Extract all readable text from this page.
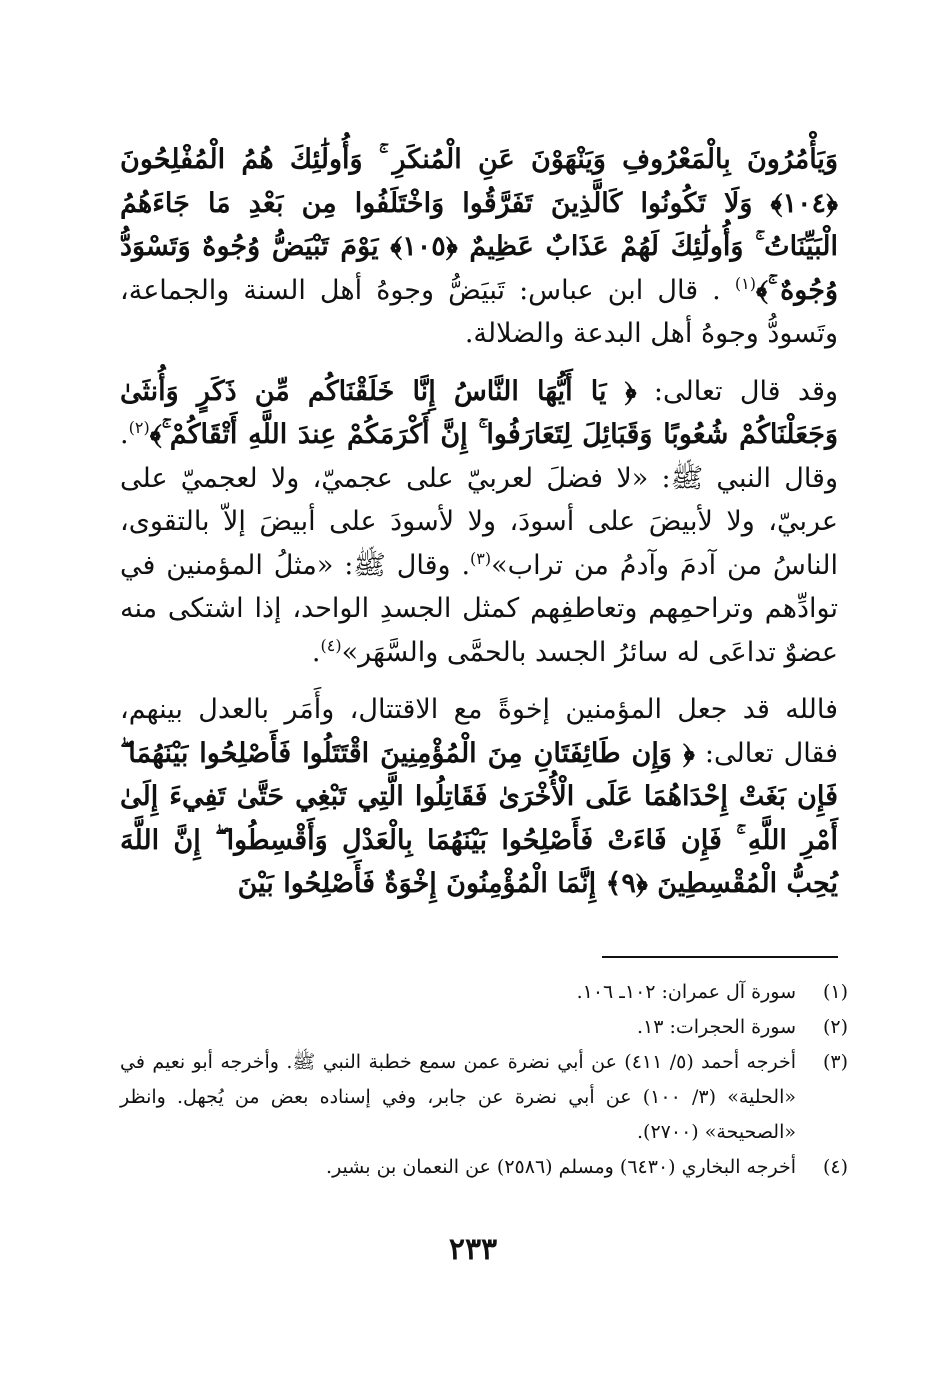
وَيَأْمُرُونَ بِالْمَعْرُوفِ وَيَنْهَوْنَ عَنِ الْمُنكَرِ ۚ وَأُولَٰئِكَ هُمُ الْمُفْلِحُونَ ﴿١٠٤﴾ وَلَا تَكُونُوا كَالَّذِينَ تَفَرَّقُوا وَاخْتَلَفُوا مِن بَعْدِ مَا جَاءَهُمُ الْبَيِّنَاتُ ۚ وَأُولَٰئِكَ لَهُمْ عَذَابٌ عَظِيمٌ ﴿١٠٥﴾ يَوْمَ تَبْيَضُّ وُجُوهٌ وَتَسْوَدُّ وُجُوهٌ ۚ﴾$^{(١)}$ . قال ابن عباس: تَبيَضُّ وجوهُ أهل السنة والجماعة، وتَسودُّ وجوهُ أهل البدعة والضلالة.

وقد قال تعالى: ﴿ يَا أَيُّهَا النَّاسُ إِنَّا خَلَقْنَاكُم مِّن ذَكَرٍ وَأُنثَىٰ وَجَعَلْنَاكُمْ شُعُوبًا وَقَبَائِلَ لِتَعَارَفُوا ۚ إِنَّ أَكْرَمَكُمْ عِندَ اللَّهِ أَتْقَاكُمْ ۚ﴾$^{(٢)}$. وقال النبي ﷺ: «لا فضلَ لعربيّ على عجميّ، ولا لعجميّ على عربيّ، ولا لأبيضَ على أسودَ، ولا لأسودَ على أبيضَ إلاّ بالتقوى، الناسُ من آدمَ وآدمُ من تراب»$^{(٣)}$. وقال ﷺ: «مثلُ المؤمنين في توادِّهم وتراحمِهم وتعاطفِهم كمثل الجسدِ الواحد، إذا اشتكى منه عضوٌ تداعَى له سائرُ الجسد بالحمَّى والسَّهَر»$^{(٤)}$.

فالله قد جعل المؤمنين إخوةً مع الاقتتال، وأَمَر بالعدل بينهم، فقال تعالى: ﴿ وَإِن طَائِفَتَانِ مِنَ الْمُؤْمِنِينَ اقْتَتَلُوا فَأَصْلِحُوا بَيْنَهُمَا ۖ فَإِن بَغَتْ إِحْدَاهُمَا عَلَى الْأُخْرَىٰ فَقَاتِلُوا الَّتِي تَبْغِي حَتَّىٰ تَفِيءَ إِلَىٰ أَمْرِ اللَّهِ ۚ فَإِن فَاءَتْ فَأَصْلِحُوا بَيْنَهُمَا بِالْعَدْلِ وَأَقْسِطُوا ۖ إِنَّ اللَّهَ يُحِبُّ الْمُقْسِطِينَ ﴿٩﴾ إِنَّمَا الْمُؤْمِنُونَ إِخْوَةٌ فَأَصْلِحُوا بَيْنَ

(١)
سورة آل عمران: ١٠٢ـ ١٠٦.
(٢)
سورة الحجرات: ١٣.
(٣)
أخرجه أحمد (٥/ ٤١١) عن أبي نضرة عمن سمع خطبة النبي ﷺ. وأخرجه أبو نعيم في «الحلية» (٣/ ١٠٠) عن أبي نضرة عن جابر، وفي إسناده بعض من يُجهل. وانظر «الصحيحة» (٢٧٠٠).
(٤)
أخرجه البخاري (٦٤٣٠) ومسلم (٢٥٨٦) عن النعمان بن بشير.
٢٣٣
